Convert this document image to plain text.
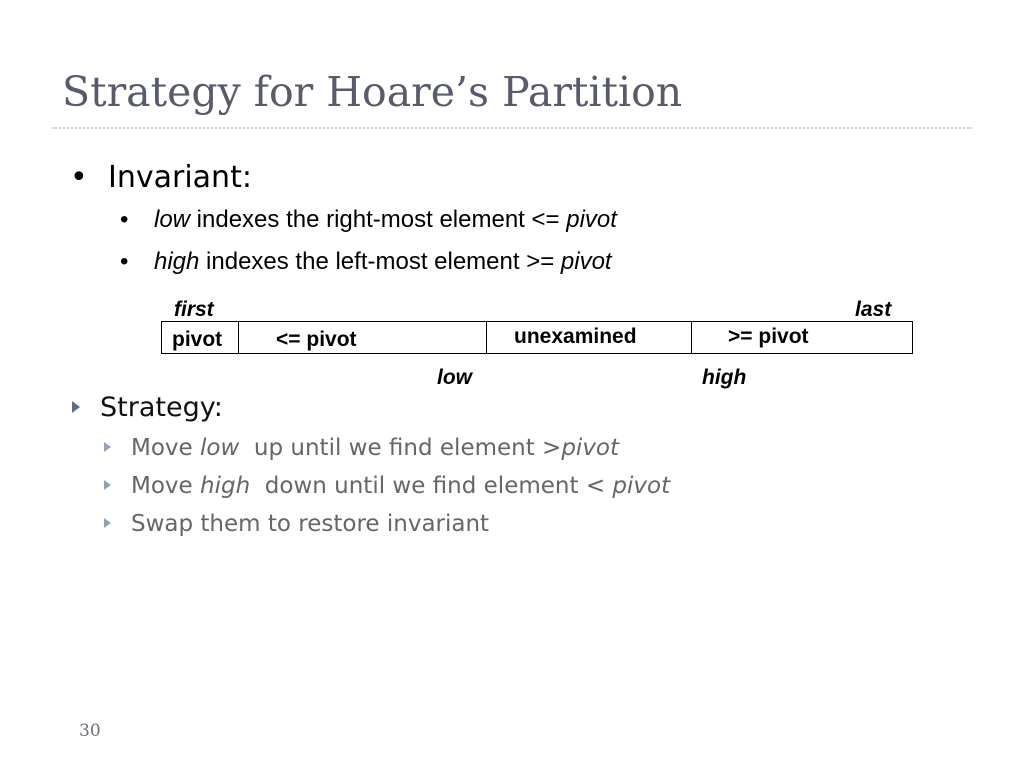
Strategy for Hoare’s Partition
• Invariant:
• low indexes the right-most element <= pivot
• high indexes the left-most element >= pivot
first	last
pivot	<= pivot	unexamined	>= pivot
low	high
Strategy:
Move low  up until we find element >pivot
Move high  down until we find element < pivot
Swap them to restore invariant
30
